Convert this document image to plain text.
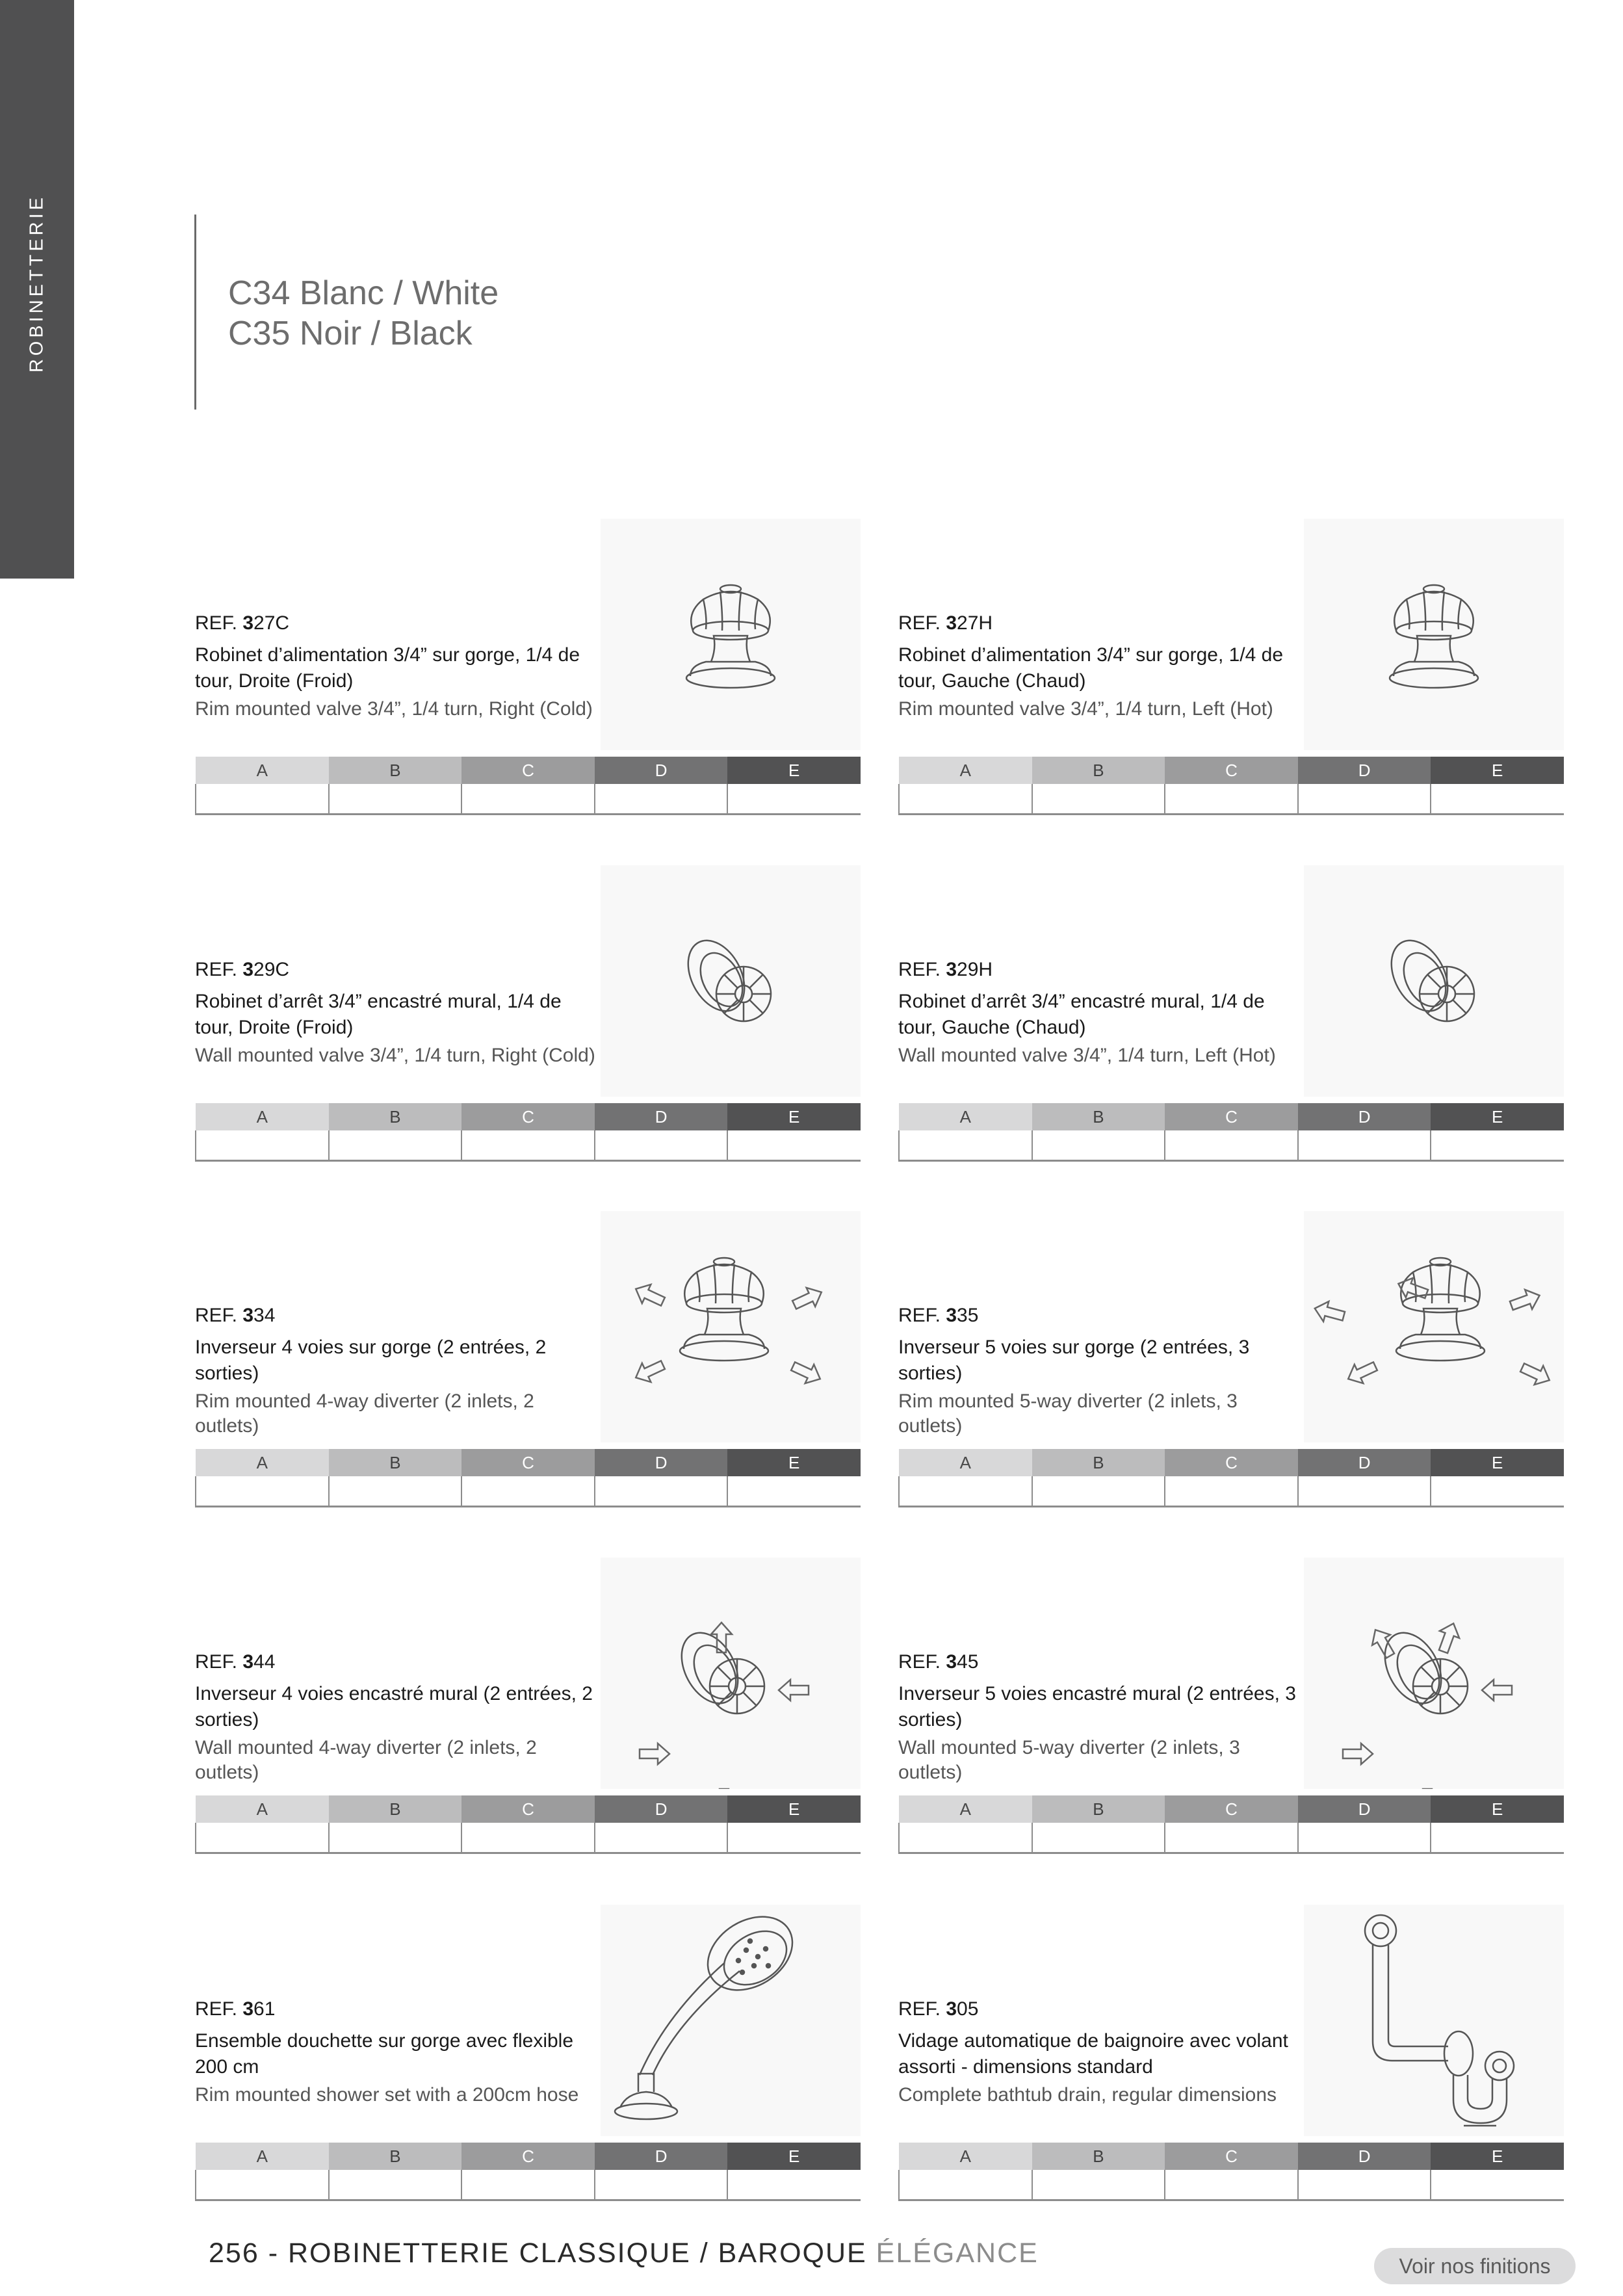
ROBINETTERIE	C34 Blanc / White
C35 Noir / Black
REF. 327C
Robinet d’alimentation 3/4” sur gorge, 1/4 de tour, Droite (Froid)
Rim mounted valve 3/4”, 1/4 turn, Right (Cold)
A	B	C	D	E

REF. 327H
Robinet d’alimentation 3/4” sur gorge, 1/4 de tour, Gauche (Chaud)
Rim mounted valve 3/4”, 1/4 turn, Left (Hot)
A	B	C	D	E

REF. 329C
Robinet d’arrêt 3/4” encastré mural, 1/4 de tour, Droite (Froid)
Wall mounted valve 3/4”, 1/4 turn, Right (Cold)
A	B	C	D	E

REF. 329H
Robinet d’arrêt 3/4” encastré mural, 1/4 de tour, Gauche (Chaud)
Wall mounted valve 3/4”, 1/4 turn, Left (Hot)
A	B	C	D	E

REF. 334
Inverseur 4 voies sur gorge (2 entrées, 2 sorties)
Rim mounted 4-way diverter (2 inlets, 2 outlets)
A	B	C	D	E

REF. 335
Inverseur 5 voies sur gorge (2 entrées, 3 sorties)
Rim mounted 5-way diverter (2 inlets, 3 outlets)
A	B	C	D	E

REF. 344
Inverseur 4 voies encastré mural (2 entrées, 2 sorties)
Wall mounted 4-way diverter (2 inlets, 2 outlets)
A	B	C	D	E

REF. 345
Inverseur 5 voies encastré mural (2 entrées, 3 sorties)
Wall mounted 5-way diverter (2 inlets, 3 outlets)
A	B	C	D	E

REF. 361
Ensemble douchette sur gorge avec flexible 200 cm
Rim mounted shower set with a 200cm hose
A	B	C	D	E

REF. 305
Vidage automatique de baignoire avec volant assorti - dimensions standard
Complete bathtub drain, regular dimensions
A	B	C	D	E

256 - ROBINETTERIE CLASSIQUE / BAROQUE ÉLÉGANCE	Voir nos finitions
